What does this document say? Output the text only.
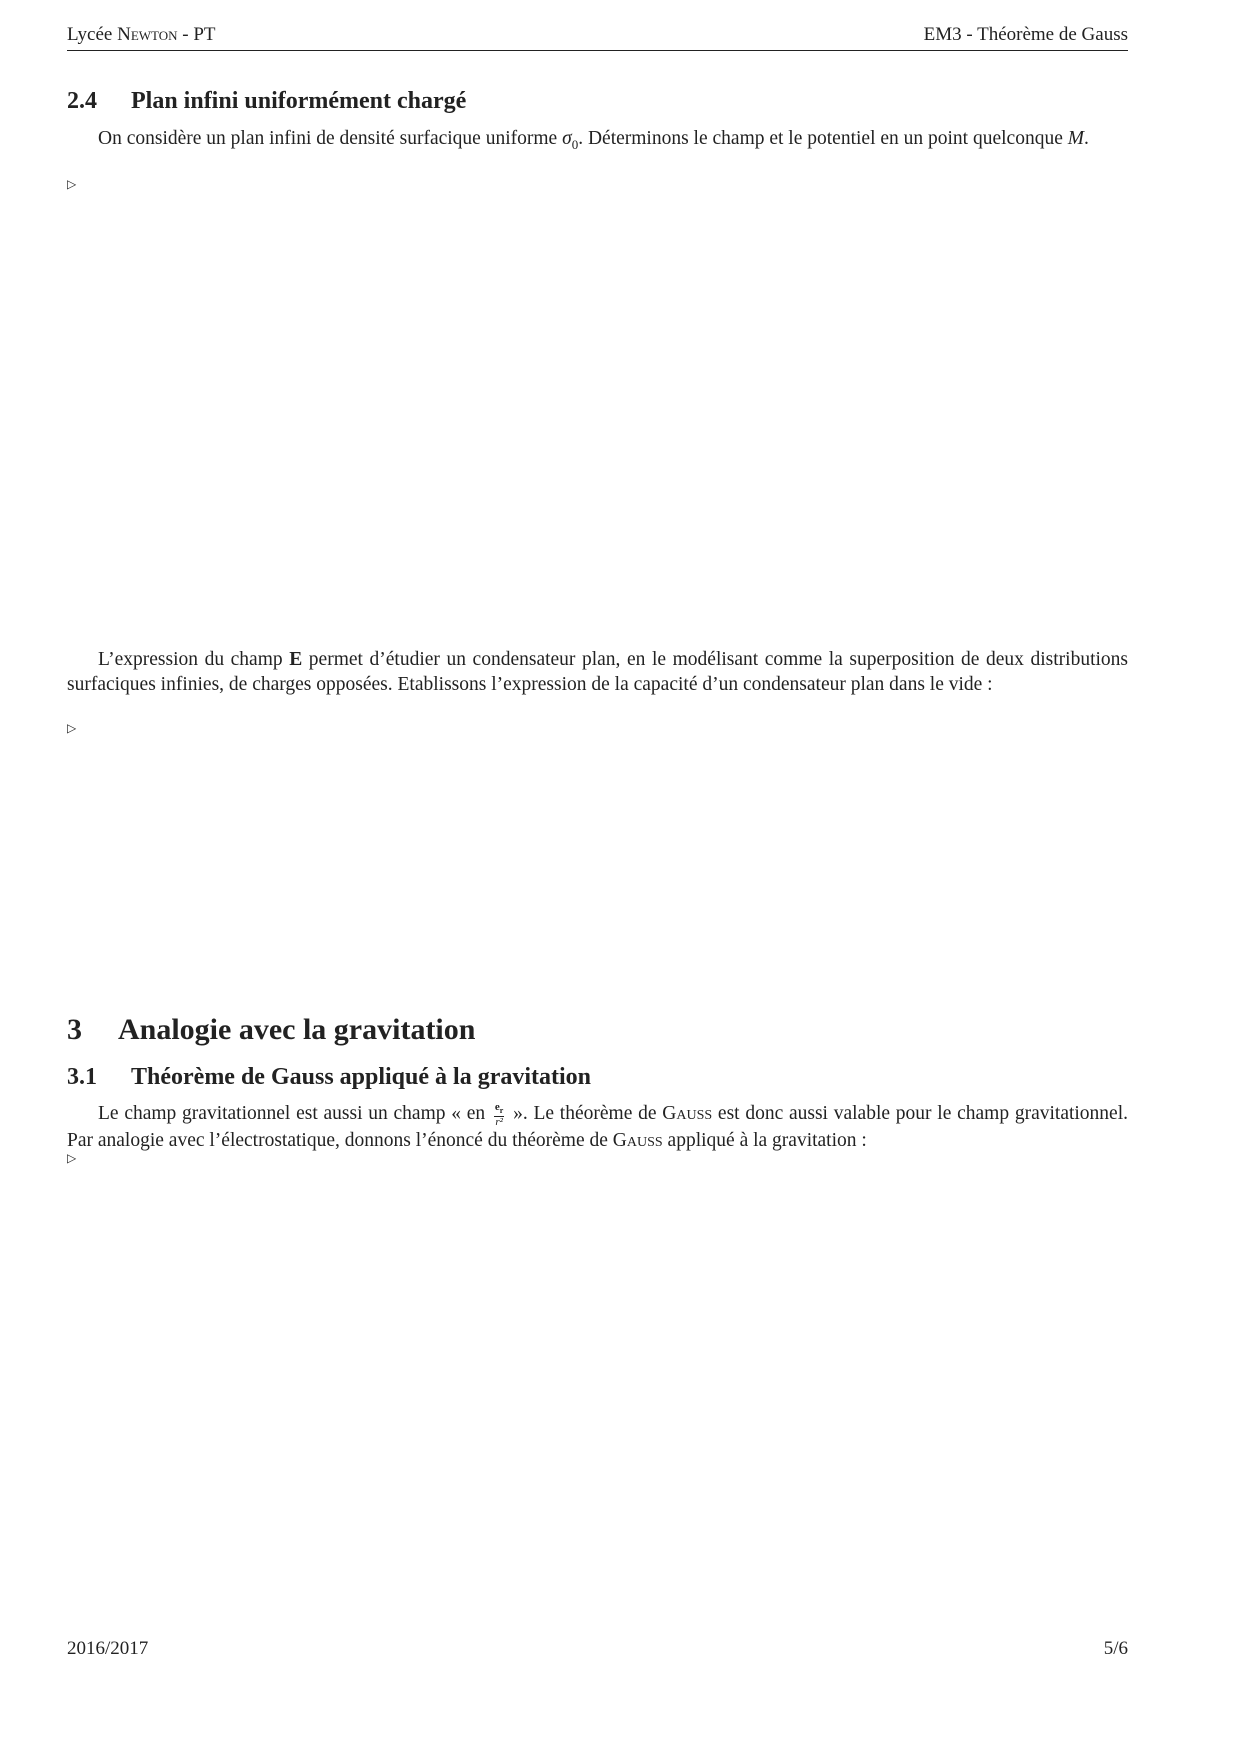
Lycée Newton - PT	EM3 - Théorème de Gauss
2.4 Plan infini uniformément chargé
On considère un plan infini de densité surfacique uniforme $\sigma_0$. Déterminons le champ et le potentiel en un point quelconque M.
▷
L’expression du champ E permet d’étudier un condensateur plan, en le modélisant comme la superposition de deux distributions surfaciques infinies, de charges opposées. Etablissons l’expression de la capacité d’un condensateur plan dans le vide :
▷
3 Analogie avec la gravitation
3.1 Théorème de Gauss appliqué à la gravitation
Le champ gravitationnel est aussi un champ « en $\frac{e_r}{\text{r²}}$ ». Le théorème de Gauss est donc aussi valable pour le champ gravitationnel. Par analogie avec l’électrostatique, donnons l’énoncé du théorème de Gauss appliqué à la gravitation :
▷
2016/2017	5/6
